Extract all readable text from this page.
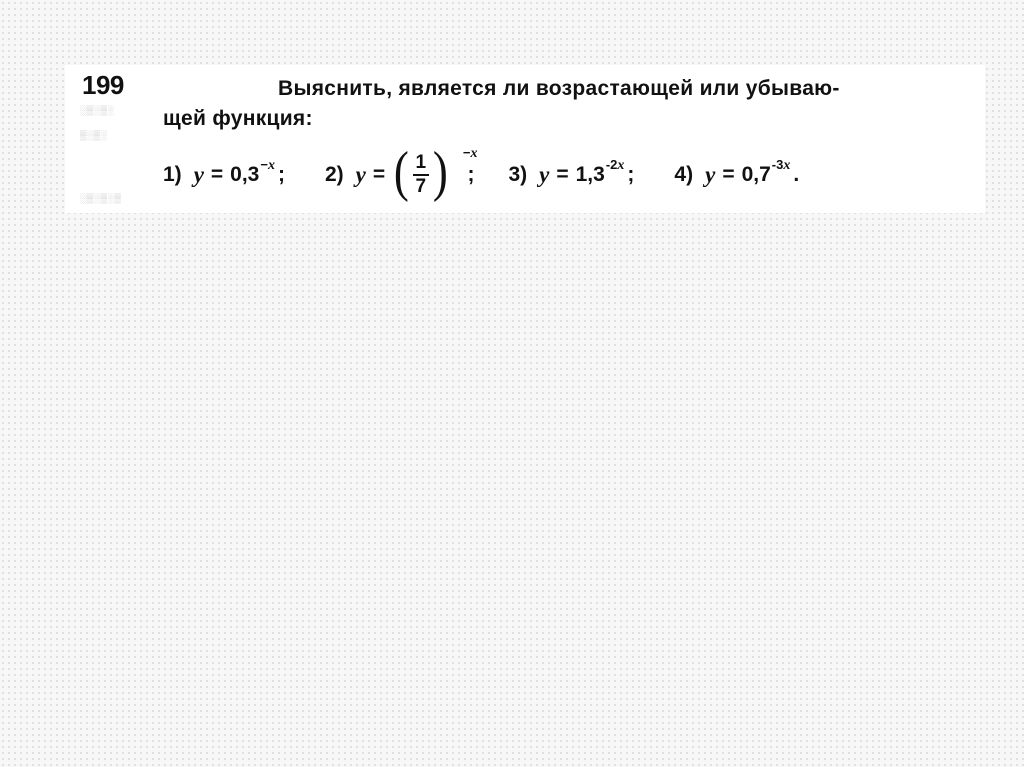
199
░▒░▒░
▒░▒░
░▒░▒░▒
Выяснить, является ли возрастающей или убываю-
щей функция:
1) y = 0,3 −x ; 2) y = ( $\frac{1}{7}$ ) −x
; 3) y = 1,3 -2x ; 4) y = 0,7 -3x .
